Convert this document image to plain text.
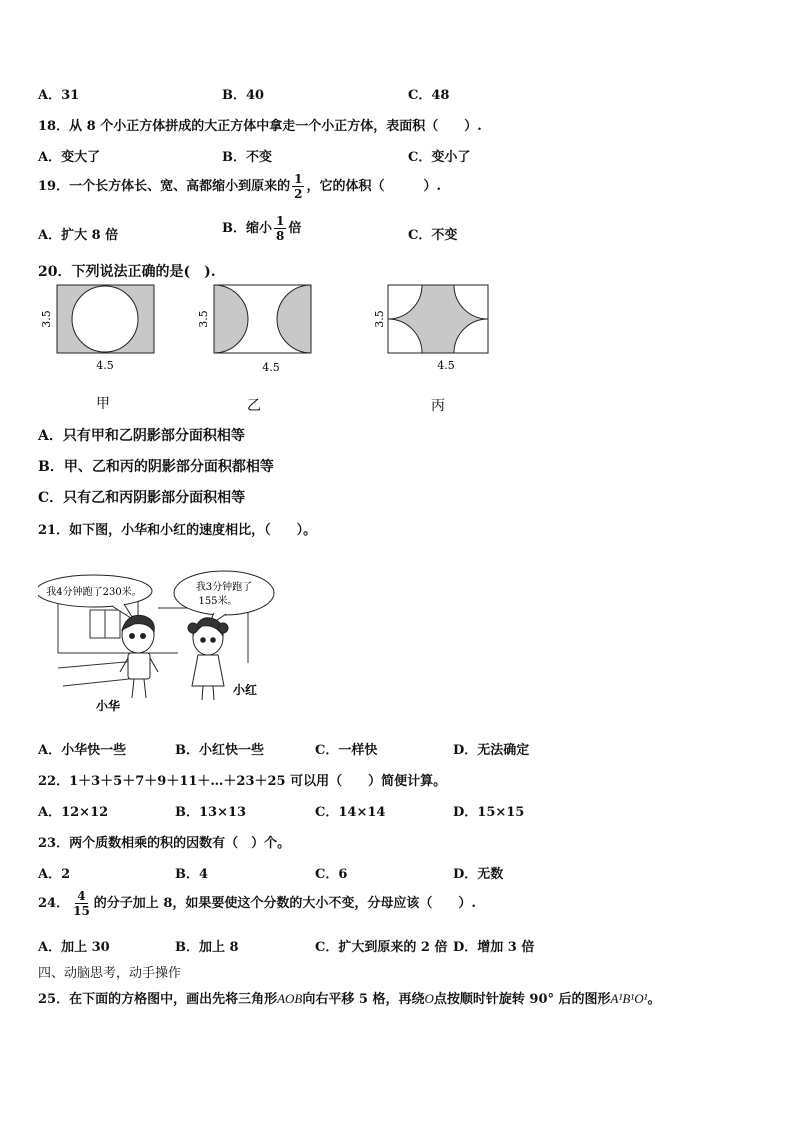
A．31	B．40	C．48
18．从 8 个小正方体拼成的大正方体中拿走一个小正方体，表面积（　　）.
A．变大了	B．不变	C．变小了
19．一个长方体长、宽、高都缩小到原来的 $\frac{1}{2}$ ，它的体积（　　　）.
A．扩大 8 倍	B．缩小 $\frac{1}{8}$ 倍	C．不变
20．下列说法正确的是(　).
3.5
4.5
甲
3.5
4.5
乙
3.5
4.5
丙
A．只有甲和乙阴影部分面积相等
B．甲、乙和丙的阴影部分面积都相等
C．只有乙和丙阴影部分面积相等
21．如下图，小华和小红的速度相比，（　　）。
我4分钟跑了230米。	我3分钟跑了
155米。
小华
小红
A．小华快一些	B．小红快一些	C．一样快	D．无法确定
22．1＋3＋5＋7＋9＋11＋…＋23＋25 可以用（　　）简便计算。
A．12×12	B．13×13	C．14×14	D．15×15
23．两个质数相乘的积的因数有（　）个。
A．2	B．4	C．6	D．无数
24． $\frac{4}{15}$ 的分子加上 8，如果要使这个分数的大小不变，分母应该（　　）.
A．加上 30	B．加上 8	C．扩大到原来的 2 倍 D．增加 3 倍
四、动脑思考，动手操作
25．在下面的方格图中，画出先将三角形AOB向右平移 5 格，再绕O点按顺时针旋转 90° 后的图形A¹B¹O¹。
